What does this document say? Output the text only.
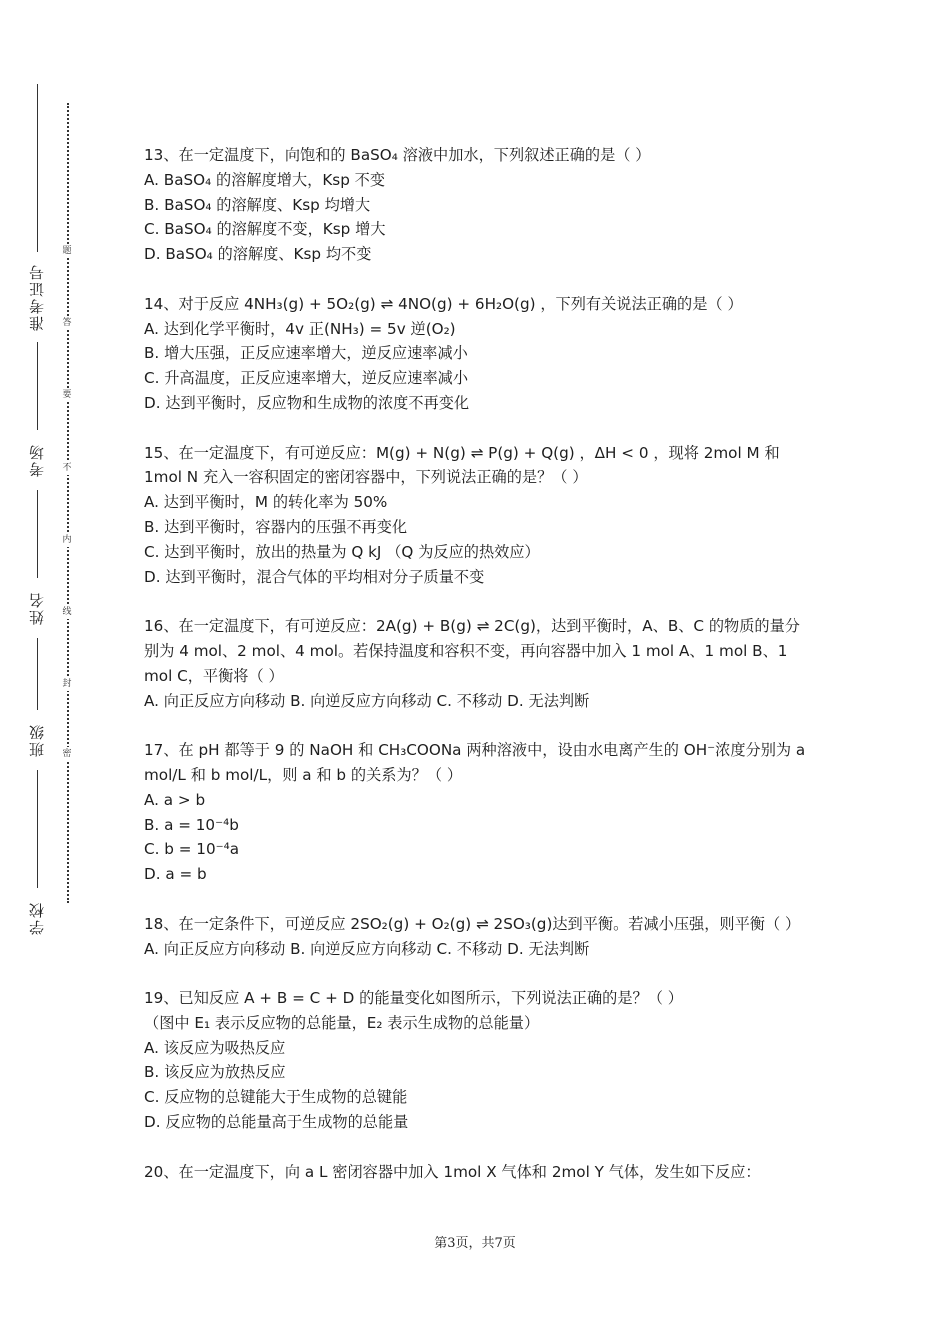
准考证号
考场
姓名
班级
学校
题
答
要
不
内
线
封
密
13、在一定温度下，向饱和的 BaSO₄ 溶液中加水，下列叙述正确的是（ ）
A. BaSO₄ 的溶解度增大，Ksp 不变
B. BaSO₄ 的溶解度、Ksp 均增大
C. BaSO₄ 的溶解度不变，Ksp 增大
D. BaSO₄ 的溶解度、Ksp 均不变
14、对于反应 4NH₃(g) + 5O₂(g) ⇌ 4NO(g) + 6H₂O(g) ，下列有关说法正确的是（ ）
A. 达到化学平衡时，4v 正(NH₃) = 5v 逆(O₂)
B. 增大压强，正反应速率增大，逆反应速率减小
C. 升高温度，正反应速率增大，逆反应速率减小
D. 达到平衡时，反应物和生成物的浓度不再变化
15、在一定温度下，有可逆反应：M(g) + N(g) ⇌ P(g) + Q(g) ，ΔH < 0 ，现将 2mol M 和 1mol N 充入一容积固定的密闭容器中，下列说法正确的是？（ ）
A. 达到平衡时，M 的转化率为 50%
B. 达到平衡时，容器内的压强不再变化
C. 达到平衡时，放出的热量为 Q kJ （Q 为反应的热效应）
D. 达到平衡时，混合气体的平均相对分子质量不变
16、在一定温度下，有可逆反应：2A(g) + B(g) ⇌ 2C(g)，达到平衡时，A、B、C 的物质的量分别为 4 mol、2 mol、4 mol。若保持温度和容积不变，再向容器中加入 1 mol A、1 mol B、1 mol C，平衡将（ ）
A. 向正反应方向移动 B. 向逆反应方向移动 C. 不移动 D. 无法判断
17、在 pH 都等于 9 的 NaOH 和 CH₃COONa 两种溶液中，设由水电离产生的 OH⁻浓度分别为 a mol/L 和 b mol/L，则 a 和 b 的关系为？（ ）
A. a > b
B. a = 10⁻⁴b
C. b = 10⁻⁴a
D. a = b
18、在一定条件下，可逆反应 2SO₂(g) + O₂(g) ⇌ 2SO₃(g)达到平衡。若减小压强，则平衡（ ）
A. 向正反应方向移动 B. 向逆反应方向移动 C. 不移动 D. 无法判断
19、已知反应 A + B = C + D 的能量变化如图所示，下列说法正确的是？（ ）
（图中 E₁ 表示反应物的总能量，E₂ 表示生成物的总能量）
A. 该反应为吸热反应
B. 该反应为放热反应
C. 反应物的总键能大于生成物的总键能
D. 反应物的总能量高于生成物的总能量
20、在一定温度下，向 a L 密闭容器中加入 1mol X 气体和 2mol Y 气体，发生如下反应：
第3页，共7页
